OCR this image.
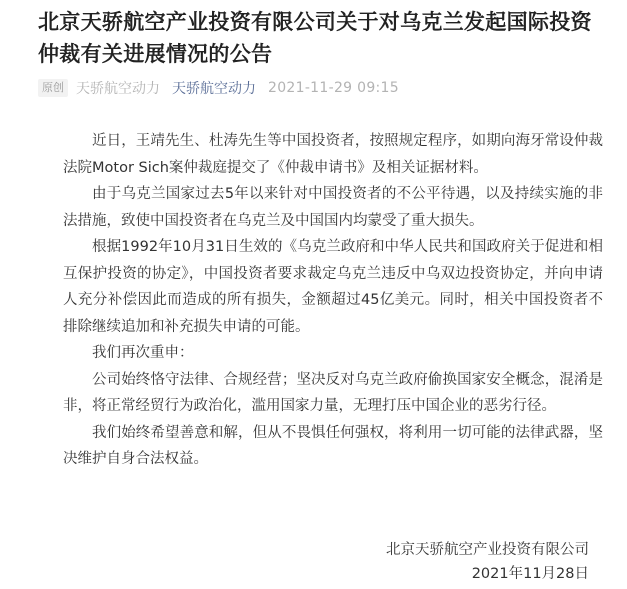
北京天骄航空产业投资有限公司关于对乌克兰发起国际投资仲裁有关进展情况的公告
原创 天骄航空动力 天骄航空动力 2021-11-29 09:15

近日，王靖先生、杜涛先生等中国投资者，按照规定程序，如期向海牙常设仲裁法院Motor Sich案仲裁庭提交了《仲裁申请书》及相关证据材料。

由于乌克兰国家过去5年以来针对中国投资者的不公平待遇，以及持续实施的非法措施，致使中国投资者在乌克兰及中国国内均蒙受了重大损失。

根据1992年10月31日生效的《乌克兰政府和中华人民共和国政府关于促进和相互保护投资的协定》，中国投资者要求裁定乌克兰违反中乌双边投资协定，并向申请人充分补偿因此而造成的所有损失，金额超过45亿美元。同时，相关中国投资者不排除继续追加和补充损失申请的可能。

我们再次重申：

公司始终恪守法律、合规经营；坚决反对乌克兰政府偷换国家安全概念，混淆是非，将正常经贸行为政治化，滥用国家力量，无理打压中国企业的恶劣行径。

我们始终希望善意和解，但从不畏惧任何强权，将利用一切可能的法律武器，坚决维护自身合法权益。

北京天骄航空产业投资有限公司
2021年11月28日
